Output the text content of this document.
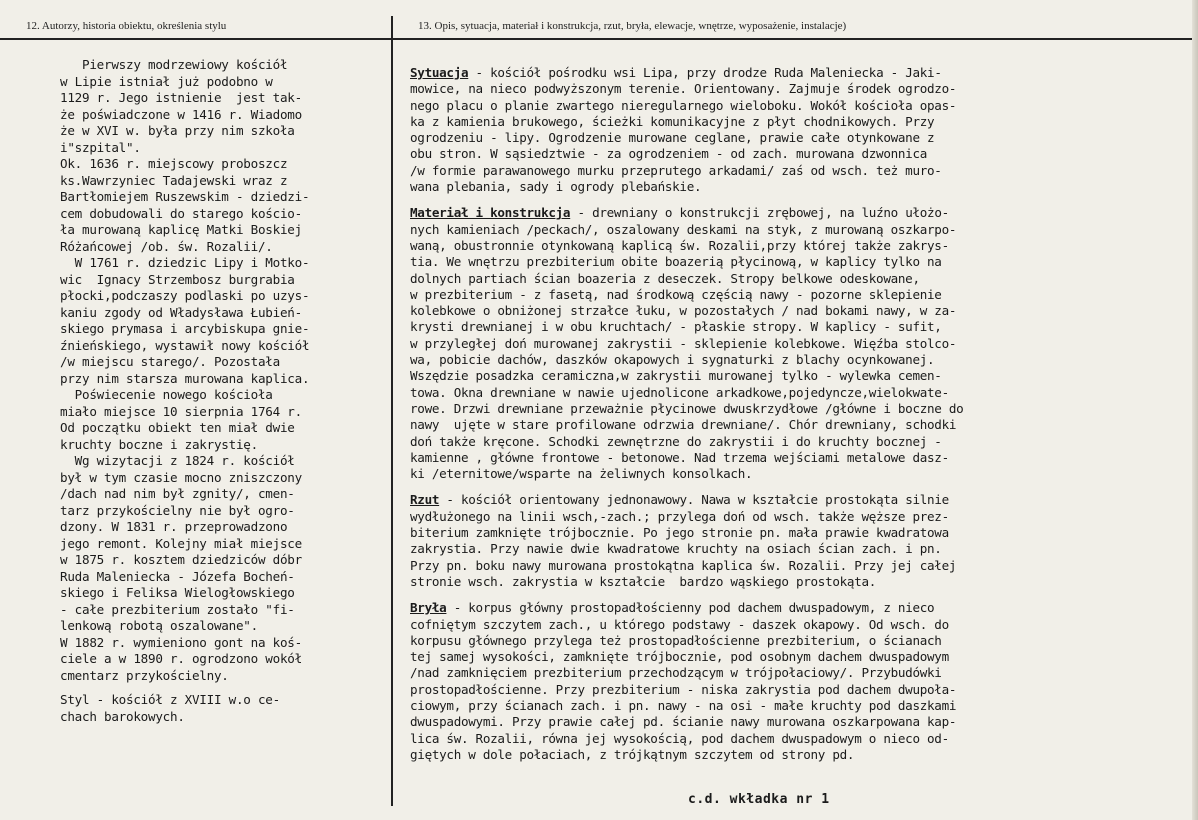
12. Autorzy, historia obiektu, określenia stylu	13. Opis, sytuacja, materiał i konstrukcja, rzut, bryła, elewacje, wnętrze, wyposażenie, instalacje)
Pierwszy modrzewiowy kościół
w Lipie istniał już podobno w
1129 r. Jego istnienie  jest tak-
że poświadczone w 1416 r. Wiadomo
że w XVI w. była przy nim szkoła
i"szpital".
Ok. 1636 r. miejscowy proboszcz
ks.Wawrzyniec Tadajewski wraz z
Bartłomiejem Ruszewskim - dziedzi-
cem dobudowali do starego kościo-
ła murowaną kaplicę Matki Boskiej
Różańcowej /ob. św. Rozalii/.
W 1761 r. dziedzic Lipy i Motko-
wic  Ignacy Strzembosz burgrabia
płocki,podczaszy podlaski po uzys-
kaniu zgody od Władysława Łubień-
skiego prymasa i arcybiskupa gnie-
źnieńskiego, wystawił nowy kościół
/w miejscu starego/. Pozostała
przy nim starsza murowana kaplica.
Poświecenie nowego kościoła
miało miejsce 10 sierpnia 1764 r.
Od początku obiekt ten miał dwie
kruchty boczne i zakrystię.
Wg wizytacji z 1824 r. kościół
był w tym czasie mocno zniszczony
/dach nad nim był zgnity/, cmen-
tarz przykościelny nie był ogro-
dzony. W 1831 r. przeprowadzono
jego remont. Kolejny miał miejsce
w 1875 r. kosztem dziedziców dóbr
Ruda Maleniecka - Józefa Bocheń-
skiego i Feliksa Wielogłowskiego
- całe prezbiterium zostało "fi-
lenkową robotą oszalowane".
W 1882 r. wymieniono gont na koś-
ciele a w 1890 r. ogrodzono wokół
cmentarz przykościelny.
Styl - kościół z XVIII w.o ce-
chach barokowych.
Sytuacja - kościół pośrodku wsi Lipa, przy drodze Ruda Maleniecka - Jaki-
mowice, na nieco podwyższonym terenie. Orientowany. Zajmuje środek ogrodzo-
nego placu o planie zwartego nieregularnego wieloboku. Wokół kościoła opas-
ka z kamienia brukowego, ścieżki komunikacyjne z płyt chodnikowych. Przy
ogrodzeniu - lipy. Ogrodzenie murowane ceglane, prawie całe otynkowane z
obu stron. W sąsiedztwie - za ogrodzeniem - od zach. murowana dzwonnica
/w formie parawanowego murku przeprutego arkadami/ zaś od wsch. też muro-
wana plebania, sady i ogrody plebańskie.
Materiał i konstrukcja - drewniany o konstrukcji zrębowej, na luźno ułożo-
nych kamieniach /peckach/, oszalowany deskami na styk, z murowaną oszkarpo-
waną, obustronnie otynkowaną kaplicą św. Rozalii,przy której także zakrys-
tia. We wnętrzu prezbiterium obite boazerią płycinową, w kaplicy tylko na
dolnych partiach ścian boazeria z deseczek. Stropy belkowe odeskowane,
w prezbiterium - z fasetą, nad środkową częścią nawy - pozorne sklepienie
kolebkowe o obniżonej strzałce łuku, w pozostałych / nad bokami nawy, w za-
krysti drewnianej i w obu kruchtach/ - płaskie stropy. W kaplicy - sufit,
w przyległej doń murowanej zakrystii - sklepienie kolebkowe. Więźba stolco-
wa, pobicie dachów, daszków okapowych i sygnaturki z blachy ocynkowanej.
Wszędzie posadzka ceramiczna,w zakrystii murowanej tylko - wylewka cemen-
towa. Okna drewniane w nawie ujednolicone arkadkowe,pojedyncze,wielokwate-
rowe. Drzwi drewniane przeważnie płycinowe dwuskrzydłowe /główne i boczne do
nawy  ujęte w stare profilowane odrzwia drewniane/. Chór drewniany, schodki
doń także kręcone. Schodki zewnętrzne do zakrystii i do kruchty bocznej -
kamienne , główne frontowe - betonowe. Nad trzema wejściami metalowe dasz-
ki /eternitowe/wsparte na żeliwnych konsolkach.
Rzut - kościół orientowany jednonawowy. Nawa w kształcie prostokąta silnie
wydłużonego na linii wsch,-zach.; przylega doń od wsch. także węższe prez-
biterium zamknięte trójbocznie. Po jego stronie pn. mała prawie kwadratowa
zakrystia. Przy nawie dwie kwadratowe kruchty na osiach ścian zach. i pn.
Przy pn. boku nawy murowana prostokątna kaplica św. Rozalii. Przy jej całej
stronie wsch. zakrystia w kształcie  bardzo wąskiego prostokąta.
Bryła - korpus główny prostopadłościenny pod dachem dwuspadowym, z nieco
cofniętym szczytem zach., u którego podstawy - daszek okapowy. Od wsch. do
korpusu głównego przylega też prostopadłościenne prezbiterium, o ścianach
tej samej wysokości, zamknięte trójbocznie, pod osobnym dachem dwuspadowym
/nad zamknięciem prezbiterium przechodzącym w trójpołaciowy/. Przybudówki
prostopadłościenne. Przy prezbiterium - niska zakrystia pod dachem dwupoła-
ciowym, przy ścianach zach. i pn. nawy - na osi - małe kruchty pod daszkami
dwuspadowymi. Przy prawie całej pd. ścianie nawy murowana oszkarpowana kap-
lica św. Rozalii, równa jej wysokością, pod dachem dwuspadowym o nieco od-
giętych w dole połaciach, z trójkątnym szczytem od strony pd.
c.d. wkładka nr 1
